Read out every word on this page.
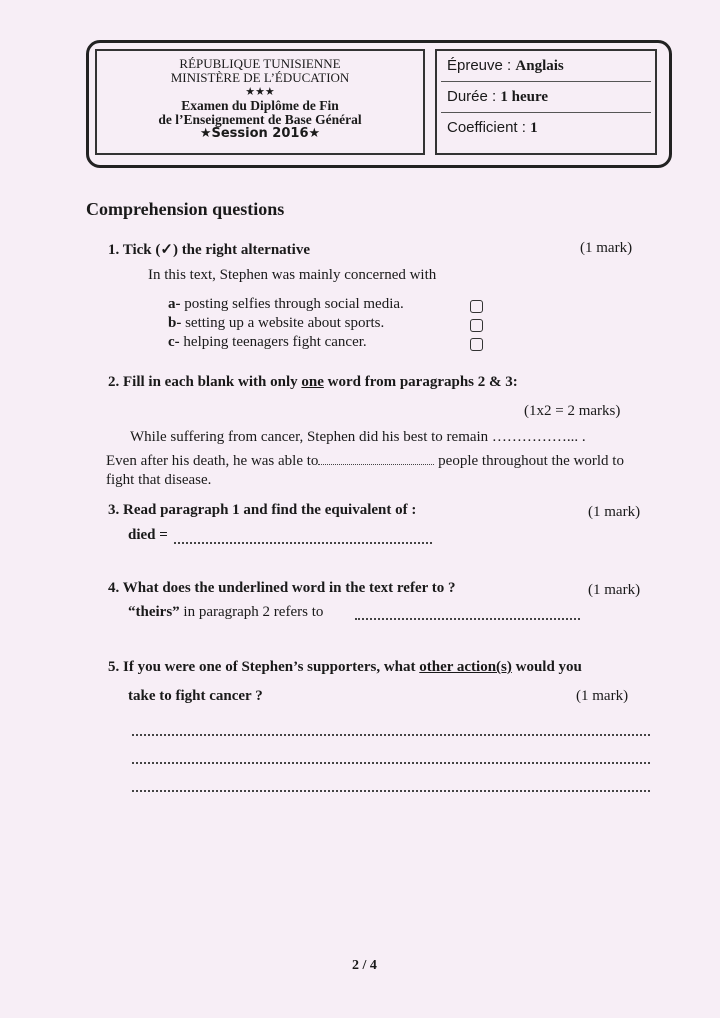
RÉPUBLIQUE TUNISIENNE
MINISTÈRE DE L’ÉDUCATION
★★★
Examen du Diplôme de Fin
de l’Enseignement de Base Général
★Session 2016★
Épreuve : Anglais
Durée : 1 heure
Coefficient : 1
Comprehension questions
1. Tick (✓) the right alternative	(1 mark)
In this text, Stephen was mainly concerned with
a- posting selfies through social media.
b- setting up a website about sports.
c- helping teenagers fight cancer.
2. Fill in each blank with only one word from paragraphs 2 & 3:
(1x2 = 2 marks)
While suffering from cancer, Stephen did his best to remain ……………... .
Even after his death, he was able to	people throughout the world to
fight that disease.
3. Read paragraph 1 and find the equivalent of :	(1 mark)
died =
4. What does the underlined word in the text refer to ?	(1 mark)
“theirs” in paragraph 2 refers to
5. If you were one of Stephen’s supporters, what other action(s) would you
take to fight cancer ?	(1 mark)
2 / 4
